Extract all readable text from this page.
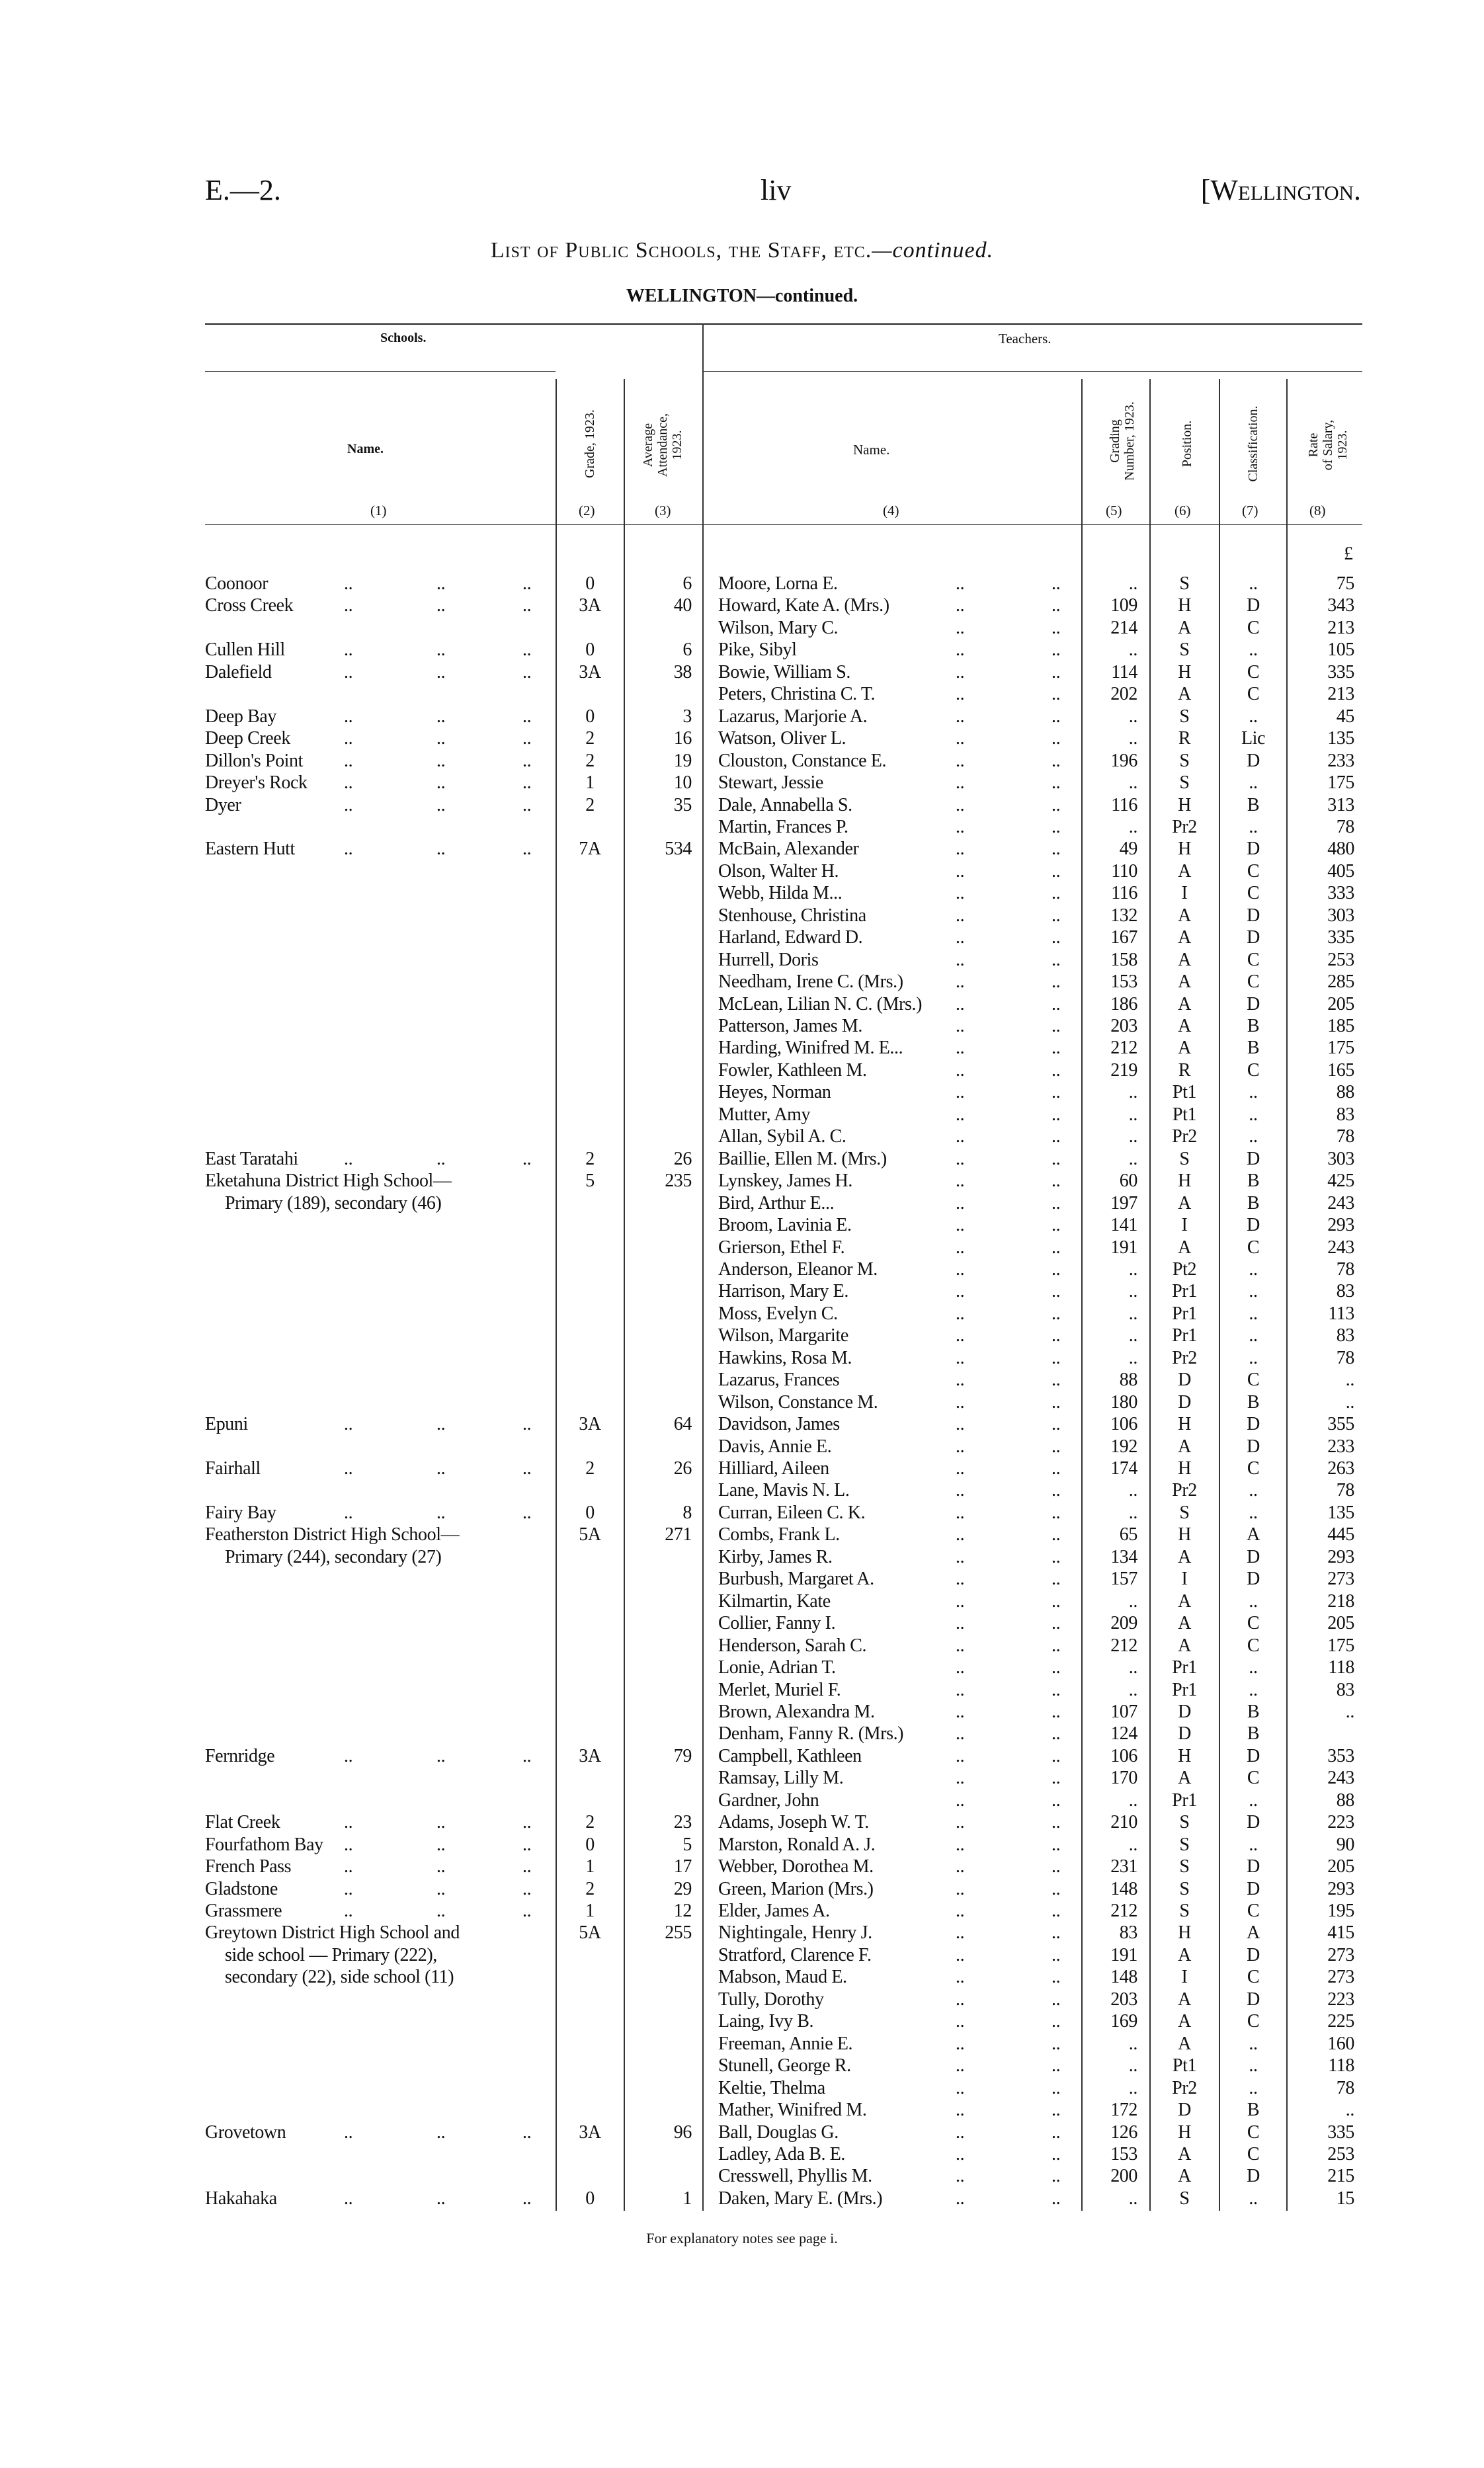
E.—2.	liv	[Wellington.
List of Public Schools, the Staff, etc.—continued.
WELLINGTON—continued.
Schools.	Teachers.
Name.	Name.
Grade, 1923.	Average Attendance, 1923.	Grading Number, 1923.	Position.	Classification.	Rate of Salary, 1923.
(1)	(2)	(3)	(4)	(5)	(6)	(7)	(8)
£
Coonoor	..	..	..	0	6 Moore, Lorna E.	..	..	..	S	..	75
Cross Creek	..	..	..	3A	40 Howard, Kate A. (Mrs.)	..	..	109	H	D	343
Wilson, Mary C.	..	..	214	A	C	213
Cullen Hill	..	..	..	0	6 Pike, Sibyl	..	..	..	S	..	105
Dalefield	..	..	..	3A	38 Bowie, William S.	..	..	114	H	C	335
Peters, Christina C. T.	..	..	202	A	C	213
Deep Bay	..	..	..	0	3 Lazarus, Marjorie A.	..	..	..	S	..	45
Deep Creek	..	..	..	2	16 Watson, Oliver L.	..	..	..	R	Lic	135
Dillon's Point ..	..	..	2	19 Clouston, Constance E.	..	..	196	S	D	233
Dreyer's Rock ..	..	..	1	10 Stewart, Jessie	..	..	..	S	..	175
Dyer	..	..	..	2	35 Dale, Annabella S.	..	..	116	H	B	313
Martin, Frances P.	..	..	..	Pr2	..	78
Eastern Hutt	..	..	..	7A	534 McBain, Alexander	..	..	49	H	D	480
Olson, Walter H.	..	..	110	A	C	405
Webb, Hilda M...	..	..	116	I	C	333
Stenhouse, Christina	..	..	132	A	D	303
Harland, Edward D.	..	..	167	A	D	335
Hurrell, Doris	..	..	158	A	C	253
Needham, Irene C. (Mrs.)	..	..	153	A	C	285
McLean, Lilian N. C. (Mrs.) ..	..	186	A	D	205
Patterson, James M.	..	..	203	A	B	185
Harding, Winifred M. E...	..	..	212	A	B	175
Fowler, Kathleen M.	..	..	219	R	C	165
Heyes, Norman	..	..	..	Pt1	..	88
Mutter, Amy	..	..	..	Pt1	..	83
Allan, Sybil A. C.	..	..	..	Pr2	..	78
East Taratahi ..	..	..	2	26 Baillie, Ellen M. (Mrs.)	..	..	..	S	D	303
Eketahuna District High School—
Primary (189), secondary (46)
5	235 Lynskey, James H.	..	..	60	H	B	425
Bird, Arthur E...	..	..	197	A	B	243
Broom, Lavinia E.	..	..	141	I	D	293
Grierson, Ethel F.	..	..	191	A	C	243
Anderson, Eleanor M.	..	..	..	Pt2	..	78
Harrison, Mary E.	..	..	..	Pr1	..	83
Moss, Evelyn C.	..	..	..	Pr1	..	113
Wilson, Margarite	..	..	..	Pr1	..	83
Hawkins, Rosa M.	..	..	..	Pr2	..	78
Lazarus, Frances	..	..	88	D	C	..
Wilson, Constance M.	..	..	180	D	B	..
Epuni	..	..	..	3A	64 Davidson, James	..	..	106	H	D	355
Davis, Annie E.	..	..	192	A	D	233
Fairhall	..	..	..	2	26 Hilliard, Aileen	..	..	174	H	C	263
Lane, Mavis N. L.	..	..	..	Pr2	..	78
Fairy Bay	..	..	..	0	8 Curran, Eileen C. K.	..	..	..	S	..	135
Featherston District High School—
Primary (244), secondary (27)
5A	271 Combs, Frank L.	..	..	65	H	A	445
Kirby, James R.	..	..	134	A	D	293
Burbush, Margaret A.	..	..	157	I	D	273
Kilmartin, Kate	..	..	..	A	..	218
Collier, Fanny I.	..	..	209	A	C	205
Henderson, Sarah C.	..	..	212	A	C	175
Lonie, Adrian T.	..	..	..	Pr1	..	118
Merlet, Muriel F.	..	..	..	Pr1	..	83
Brown, Alexandra M.	..	..	107	D	B	..
Denham, Fanny R. (Mrs.)	..	..	124	D	B
Fernridge	..	..	..	3A	79 Campbell, Kathleen	..	..	106	H	D	353
Ramsay, Lilly M.	..	..	170	A	C	243
Gardner, John	..	..	..	Pr1	..	88
Flat Creek	..	..	..	2	23 Adams, Joseph W. T.	..	..	210	S	D	223
Fourfathom Bay ..	..	..	0	5 Marston, Ronald A. J.	..	..	..	S	..	90
French Pass	..	..	..	1	17 Webber, Dorothea M.	..	..	231	S	D	205
Gladstone	..	..	..	2	29 Green, Marion (Mrs.)	..	..	148	S	D	293
Grassmere	..	..	..	1	12 Elder, James A.	..	..	212	S	C	195
Greytown District High School and
side school — Primary (222),
secondary (22), side school (11)
5A	255 Nightingale, Henry J.	..	..	83	H	A	415
Stratford, Clarence F.	..	..	191	A	D	273
Mabson, Maud E.	..	..	148	I	C	273
Tully, Dorothy	..	..	203	A	D	223
Laing, Ivy B.	..	..	169	A	C	225
Freeman, Annie E.	..	..	..	A	..	160
Stunell, George R.	..	..	..	Pt1	..	118
Keltie, Thelma	..	..	..	Pr2	..	78
Mather, Winifred M.	..	..	172	D	B	..
Grovetown	..	..	..	3A	96 Ball, Douglas G.	..	..	126	H	C	335
Ladley, Ada B. E.	..	..	153	A	C	253
Cresswell, Phyllis M.	..	..	200	A	D	215
Hakahaka	..	..	..	0	1 Daken, Mary E. (Mrs.)	..	..	..	S	..	15
For explanatory notes see page i.
